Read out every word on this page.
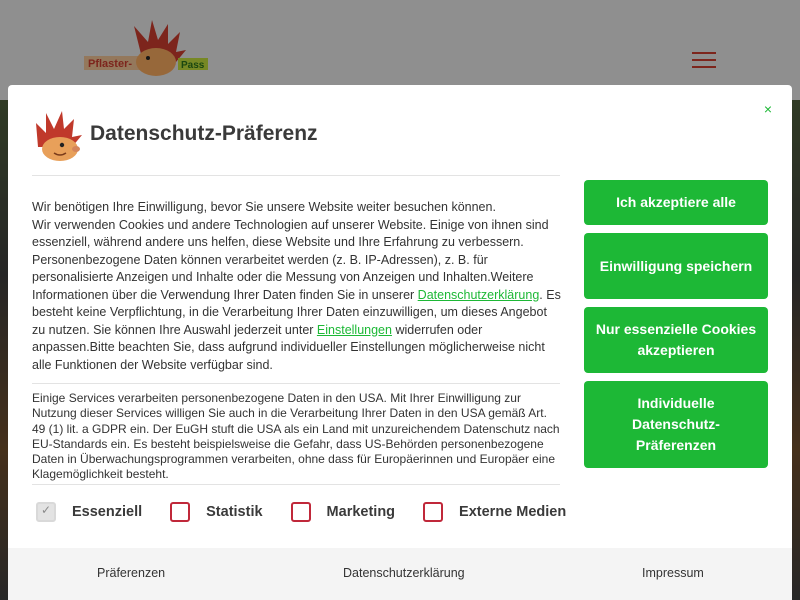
Pflaster-	Pass
Datenschutz-Präferenz
×

Wir benötigen Ihre Einwilligung, bevor Sie unsere Website weiter besuchen können.

Wir verwenden Cookies und andere Technologien auf unserer Website. Einige von ihnen sind essenziell, während andere uns helfen, diese Website und Ihre Erfahrung zu verbessern. Personenbezogene Daten können verarbeitet werden (z. B. IP-Adressen), z. B. für personalisierte Anzeigen und Inhalte oder die Messung von Anzeigen und Inhalten.Weitere Informationen über die Verwendung Ihrer Daten finden Sie in unserer Datenschutzerklärung. Es besteht keine Verpflichtung, in die Verarbeitung Ihrer Daten einzuwilligen, um dieses Angebot zu nutzen. Sie können Ihre Auswahl jederzeit unter Einstellungen widerrufen oder anpassen.Bitte beachten Sie, dass aufgrund individueller Einstellungen möglicherweise nicht alle Funktionen der Website verfügbar sind.

Einige Services verarbeiten personenbezogene Daten in den USA. Mit Ihrer Einwilligung zur Nutzung dieser Services willigen Sie auch in die Verarbeitung Ihrer Daten in den USA gemäß Art. 49 (1) lit. a GDPR ein. Der EuGH stuft die USA als ein Land mit unzureichendem Datenschutz nach EU-Standards ein. Es besteht beispielsweise die Gefahr, dass US-Behörden personenbezogene Daten in Überwachungsprogrammen verarbeiten, ohne dass für Europäerinnen und Europäer eine Klagemöglichkeit besteht.
✓
Essenziell	Statistik	Marketing	Externe Medien
Ich akzeptiere alle
Einwilligung speichern
Nur essenzielle Cookies akzeptieren
Individuelle Datenschutz-Präferenzen
Präferenzen	Datenschutzerklärung	Impressum
